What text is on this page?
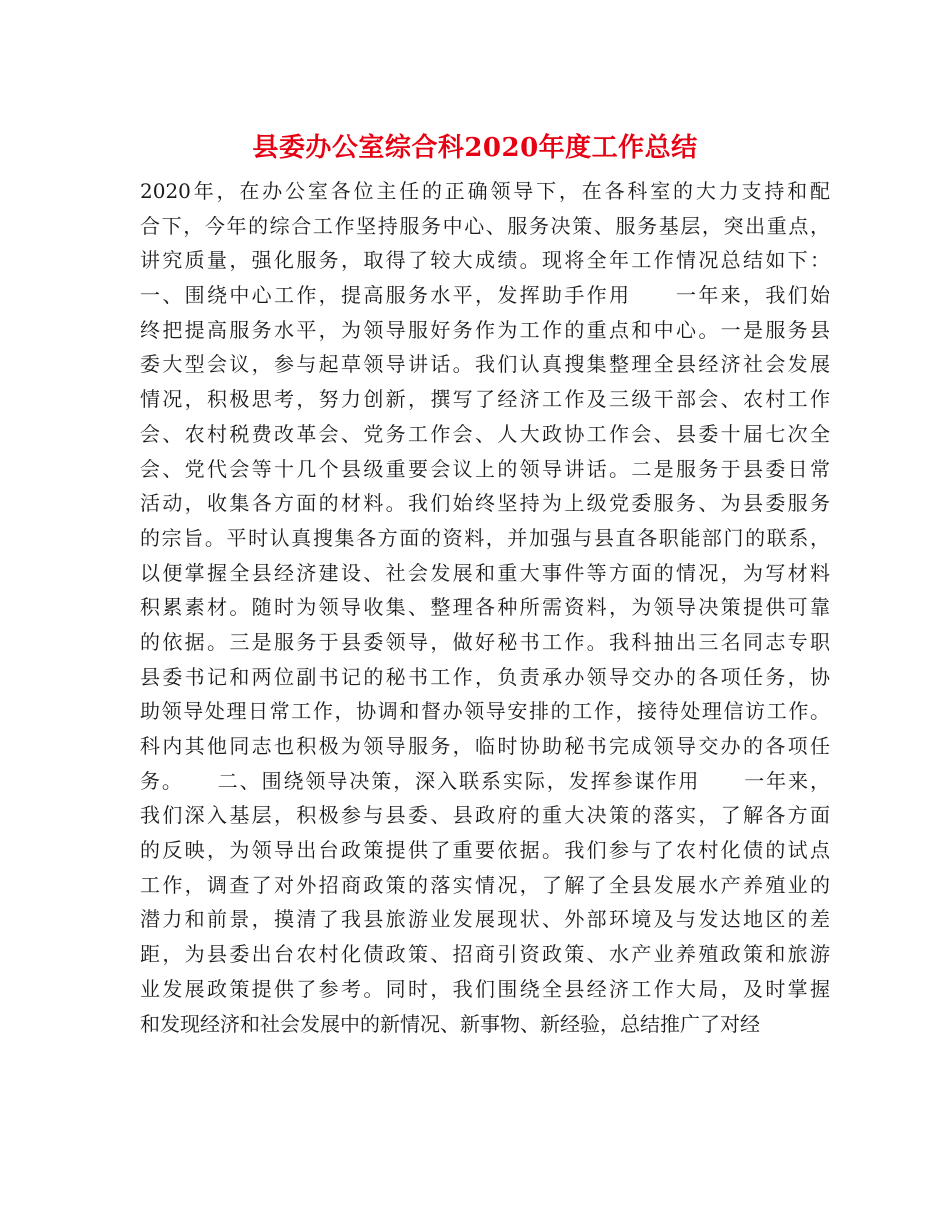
县委办公室综合科2020年度工作总结
2020年，在办公室各位主任的正确领导下，在各科室的大力支持和配
合下，今年的综合工作坚持服务中心、服务决策、服务基层，突出重点，
讲究质量，强化服务，取得了较大成绩。现将全年工作情况总结如下：
一、围绕中心工作，提高服务水平，发挥助手作用　　一年来，我们始
终把提高服务水平，为领导服好务作为工作的重点和中心。一是服务县
委大型会议，参与起草领导讲话。我们认真搜集整理全县经济社会发展
情况，积极思考，努力创新，撰写了经济工作及三级干部会、农村工作
会、农村税费改革会、党务工作会、人大政协工作会、县委十届七次全
会、党代会等十几个县级重要会议上的领导讲话。二是服务于县委日常
活动，收集各方面的材料。我们始终坚持为上级党委服务、为县委服务
的宗旨。平时认真搜集各方面的资料，并加强与县直各职能部门的联系，
以便掌握全县经济建设、社会发展和重大事件等方面的情况，为写材料
积累素材。随时为领导收集、整理各种所需资料，为领导决策提供可靠
的依据。三是服务于县委领导，做好秘书工作。我科抽出三名同志专职
县委书记和两位副书记的秘书工作，负责承办领导交办的各项任务，协
助领导处理日常工作，协调和督办领导安排的工作，接待处理信访工作。
科内其他同志也积极为领导服务，临时协助秘书完成领导交办的各项任
务。　　二、围绕领导决策，深入联系实际，发挥参谋作用　　一年来，
我们深入基层，积极参与县委、县政府的重大决策的落实，了解各方面
的反映，为领导出台政策提供了重要依据。我们参与了农村化债的试点
工作，调查了对外招商政策的落实情况，了解了全县发展水产养殖业的
潜力和前景，摸清了我县旅游业发展现状、外部环境及与发达地区的差
距，为县委出台农村化债政策、招商引资政策、水产业养殖政策和旅游
业发展政策提供了参考。同时，我们围绕全县经济工作大局，及时掌握
和发现经济和社会发展中的新情况、新事物、新经验，总结推广了对经
